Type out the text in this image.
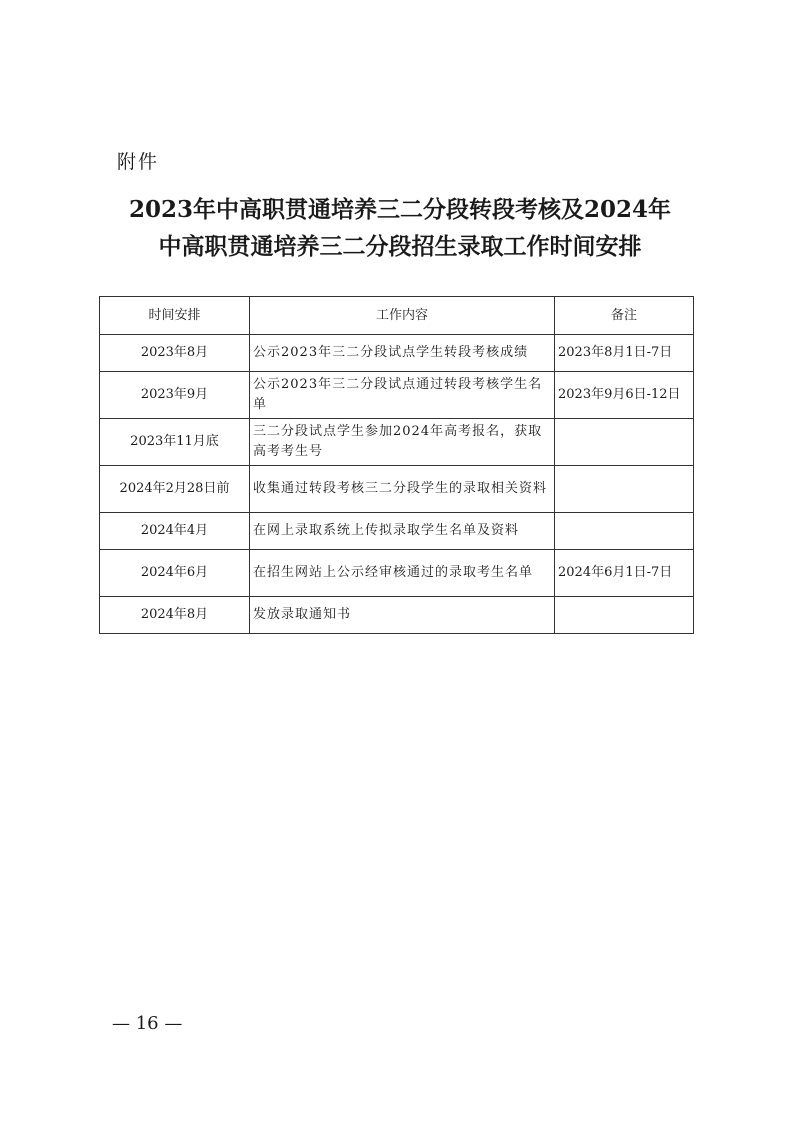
附件
2023年中高职贯通培养三二分段转段考核及2024年
中高职贯通培养三二分段招生录取工作时间安排
时间安排	工作内容	备注
2023年8月	公示2023年三二分段试点学生转段考核成绩	2023年8月1日-7日
2023年9月	公示2023年三二分段试点通过转段考核学生名单	2023年9月6日-12日
2023年11月底	三二分段试点学生参加2024年高考报名，获取高考考生号	
2024年2月28日前	收集通过转段考核三二分段学生的录取相关资料	
2024年4月	在网上录取系统上传拟录取学生名单及资料	
2024年6月	在招生网站上公示经审核通过的录取考生名单	2024年6月1日-7日
2024年8月	发放录取通知书	
— 16 —
